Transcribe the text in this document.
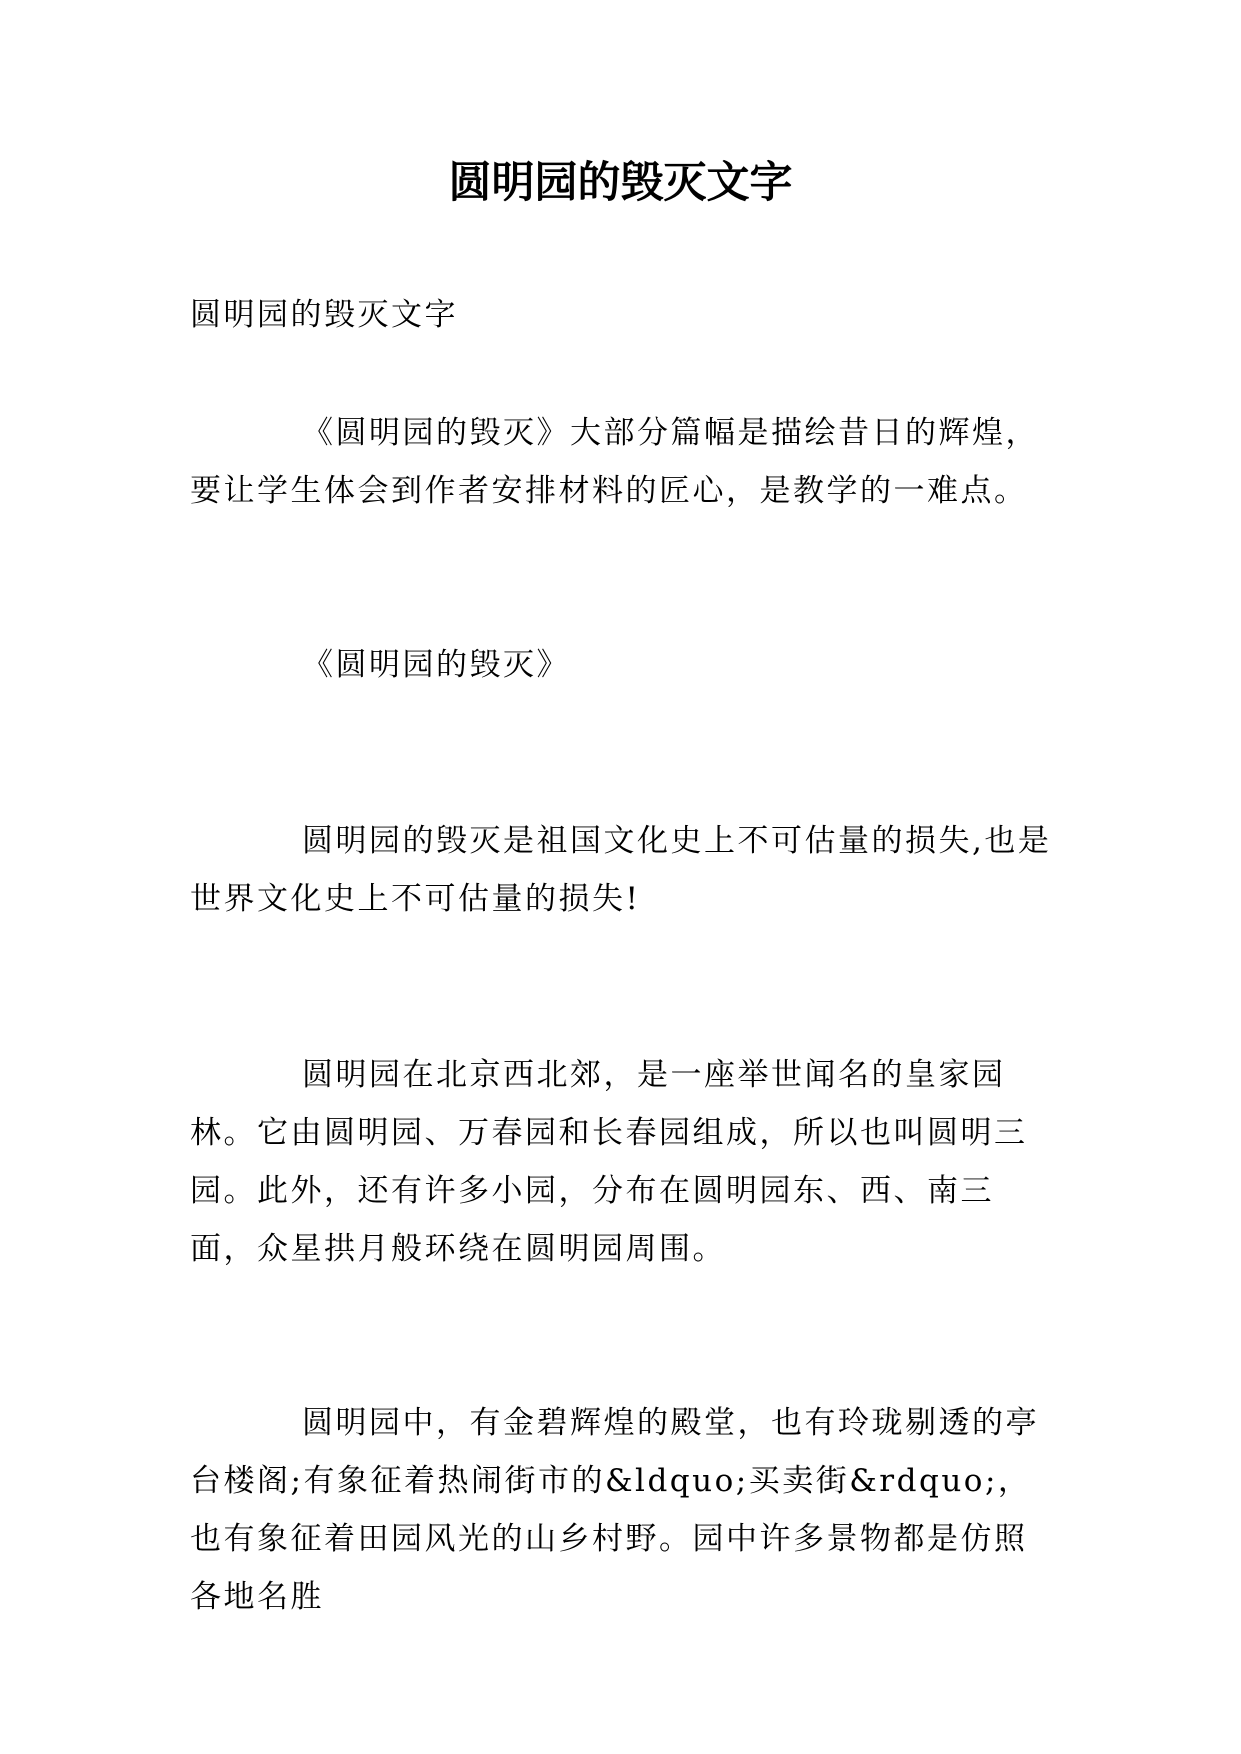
圆明园的毁灭文字

圆明园的毁灭文字

《圆明园的毁灭》大部分篇幅是描绘昔日的辉煌，要让学生体会到作者安排材料的匠心，是教学的一难点。

《圆明园的毁灭》

圆明园的毁灭是祖国文化史上不可估量的损失,也是世界文化史上不可估量的损失!

圆明园在北京西北郊，是一座举世闻名的皇家园林。它由圆明园、万春园和长春园组成，所以也叫圆明三园。此外，还有许多小园，分布在圆明园东、西、南三面，众星拱月般环绕在圆明园周围。

圆明园中，有金碧辉煌的殿堂，也有玲珑剔透的亭台楼阁;有象征着热闹街市的&ldquo;买卖街&rdquo;，也有象征着田园风光的山乡村野。园中许多景物都是仿照各地名胜
